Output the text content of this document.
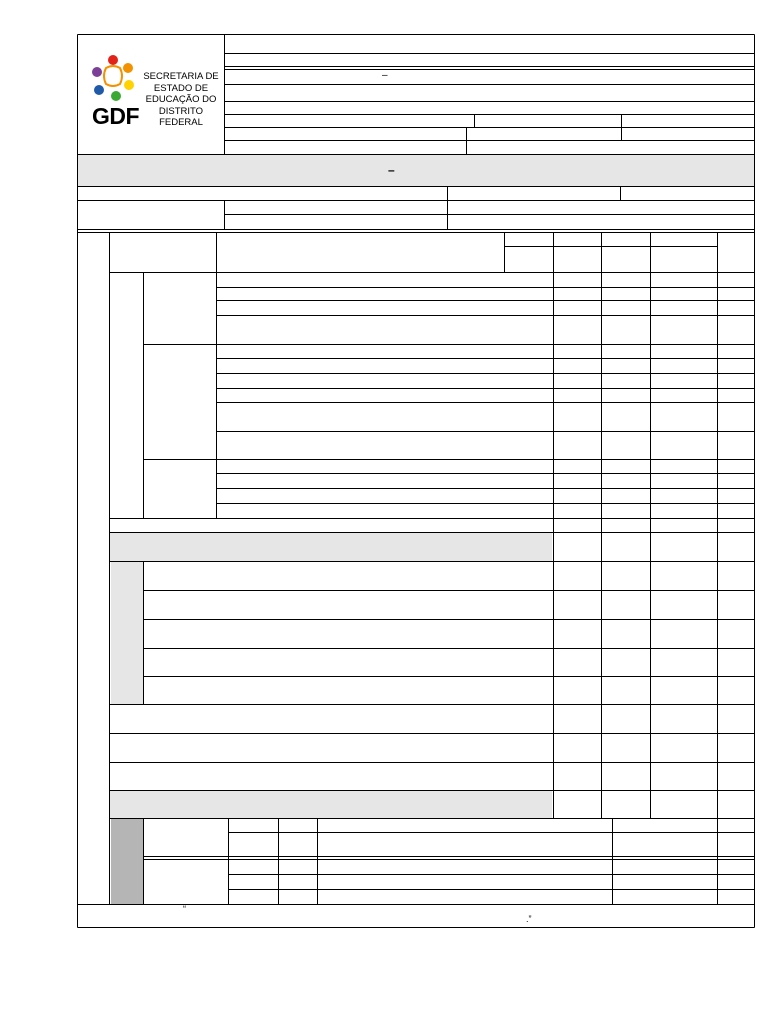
GDF
SECRETARIA DE
ESTADO DE
EDUCAÇÃO DO
DISTRITO FEDERAL
–
–
“
.”
